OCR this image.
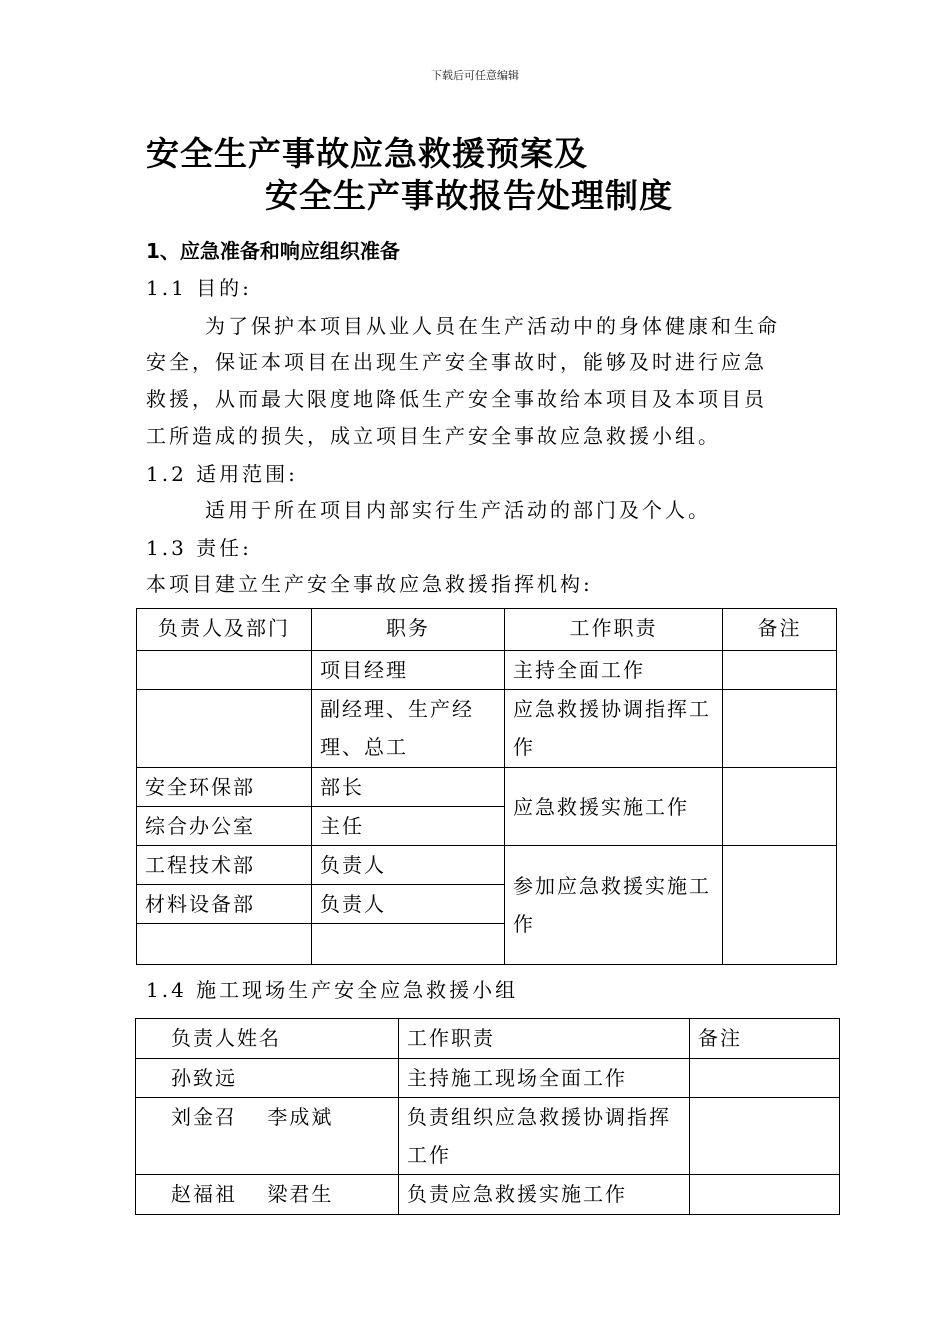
下载后可任意编辑
安全生产事故应急救援预案及
安全生产事故报告处理制度
1、应急准备和响应组织准备
1.1 目的:
为了保护本项目从业人员在生产活动中的身体健康和生命
安全，保证本项目在出现生产安全事故时，能够及时进行应急
救援，从而最大限度地降低生产安全事故给本项目及本项目员
工所造成的损失，成立项目生产安全事故应急救援小组。
1.2 适用范围:
适用于所在项目内部实行生产活动的部门及个人。
1.3 责任:
本项目建立生产安全事故应急救援指挥机构:
负责人及部门	职务	工作职责	备注
	项目经理	主持全面工作	
	副经理、生产经理、总工	应急救援协调指挥工作	
安全环保部	部长	应急救援实施工作	
综合办公室	主任		
工程技术部	负责人	参加应急救援实施工作	
材料设备部	负责人		

1.4 施工现场生产安全应急救援小组
负责人姓名	工作职责	备注
孙致远	主持施工现场全面工作	
刘金召　 李成斌	负责组织应急救援协调指挥工作	
赵福祖　 梁君生	负责应急救援实施工作	
